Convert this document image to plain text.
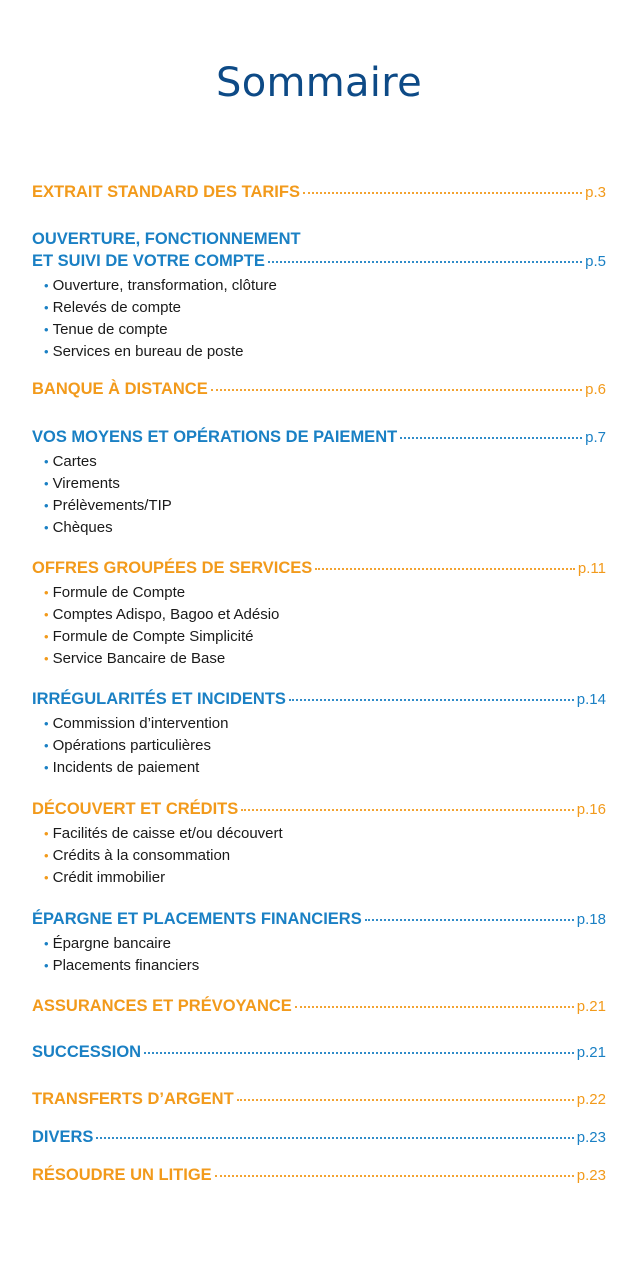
Sommaire
EXTRAIT STANDARD DES TARIFS	p.3
OUVERTURE, FONCTIONNEMENT
ET SUIVI DE VOTRE COMPTE	p.5
• Ouverture, transformation, clôture
• Relevés de compte
• Tenue de compte
• Services en bureau de poste
BANQUE À DISTANCE	p.6
VOS MOYENS ET OPÉRATIONS DE PAIEMENT	p.7
• Cartes
• Virements
• Prélèvements/TIP
• Chèques
OFFRES GROUPÉES DE SERVICES	p.11
• Formule de Compte
• Comptes Adispo, Bagoo et Adésio
• Formule de Compte Simplicité
• Service Bancaire de Base
IRRÉGULARITÉS ET INCIDENTS	p.14
• Commission d’intervention
• Opérations particulières
• Incidents de paiement
DÉCOUVERT ET CRÉDITS	p.16
• Facilités de caisse et/ou découvert
• Crédits à la consommation
• Crédit immobilier
ÉPARGNE ET PLACEMENTS FINANCIERS	p.18
• Épargne bancaire
• Placements financiers
ASSURANCES ET PRÉVOYANCE	p.21
SUCCESSION	p.21
TRANSFERTS D’ARGENT	p.22
DIVERS	p.23
RÉSOUDRE UN LITIGE	p.23
